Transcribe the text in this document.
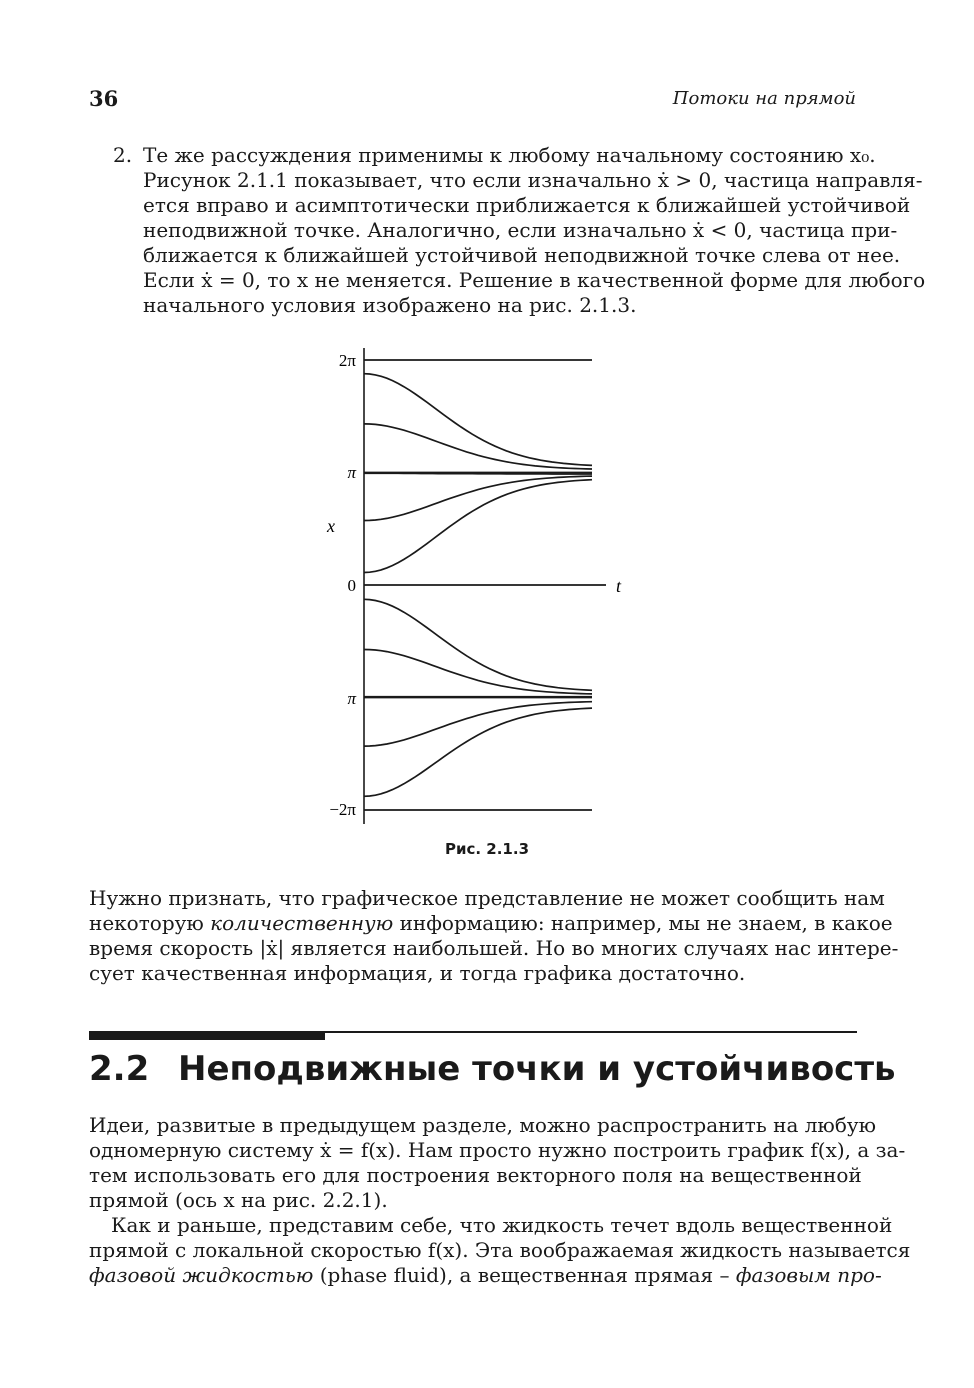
36	Потоки на прямой
2. Те же рассуждения применимы к любому начальному состоянию x₀.
Рисунок 2.1.1 показывает, что если изначально ẋ > 0, частица направля-
ется вправо и асимптотически приближается к ближайшей устойчивой
неподвижной точке. Аналогично, если изначально ẋ < 0, частица при-
ближается к ближайшей устойчивой неподвижной точке слева от нее.
Если ẋ = 0, то x не меняется. Решение в качественной форме для любого
начального условия изображено на рис. 2.1.3.
2π
π
0
π
−2π
x
t
Рис. 2.1.3
Нужно признать, что графическое представление не может сообщить нам
некоторую количественную информацию: например, мы не знаем, в какое
время скорость |ẋ| является наибольшей. Но во многих случаях нас интере-
сует качественная информация, и тогда графика достаточно.
2.2 Неподвижные точки и устойчивость
Идеи, развитые в предыдущем разделе, можно распространить на любую
одномерную систему ẋ = f(x). Нам просто нужно построить график f(x), а за-
тем использовать его для построения векторного поля на вещественной
прямой (ось x на рис. 2.2.1).
Как и раньше, представим себе, что жидкость течет вдоль вещественной
прямой с локальной скоростью f(x). Эта воображаемая жидкость называется
фазовой жидкостью (phase fluid), а вещественная прямая – фазовым про-
